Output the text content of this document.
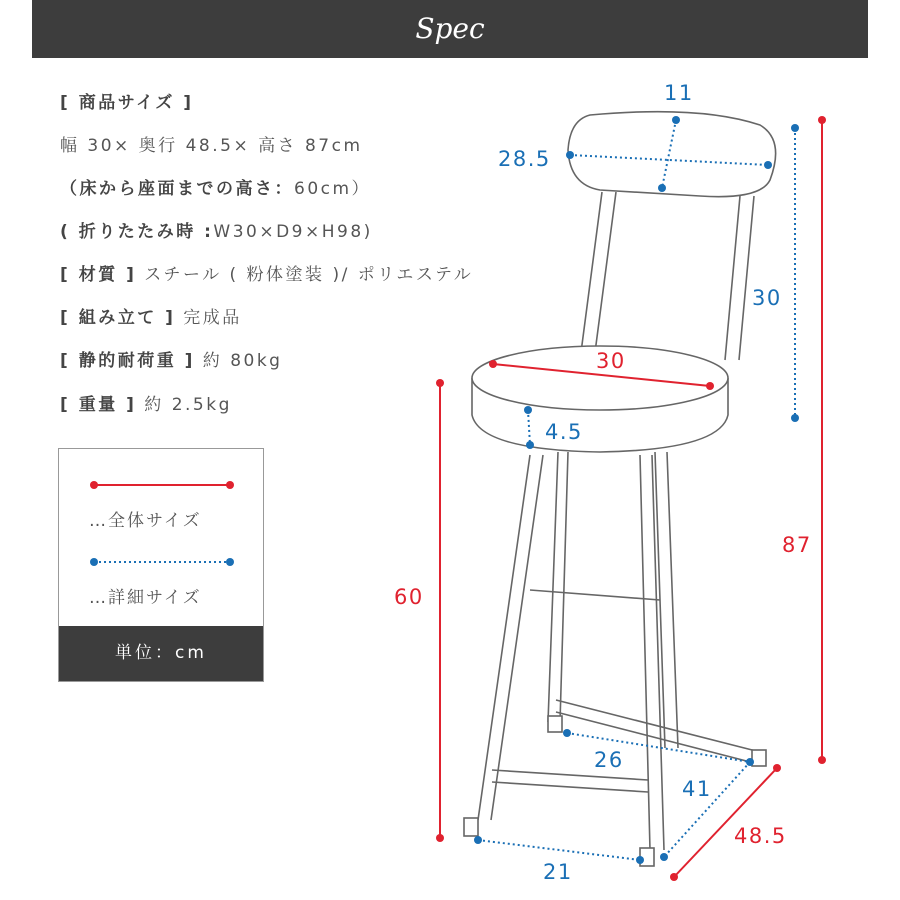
Spec
[ 商品サイズ ]
幅 30× 奥行 48.5× 高さ 87cm
（床から座面までの高さ：60cm）
( 折りたたみ時 :W30×D9×H98)
[ 材質 ] スチール ( 粉体塗装 )/ ポリエステル
[ 組み立て ] 完成品
[ 静的耐荷重 ] 約 80kg
[ 重量 ] 約 2.5kg
…全体サイズ
…詳細サイズ
単位：cm
11
28.5
30
87
60
30
4.5
26
41
48.5
21
